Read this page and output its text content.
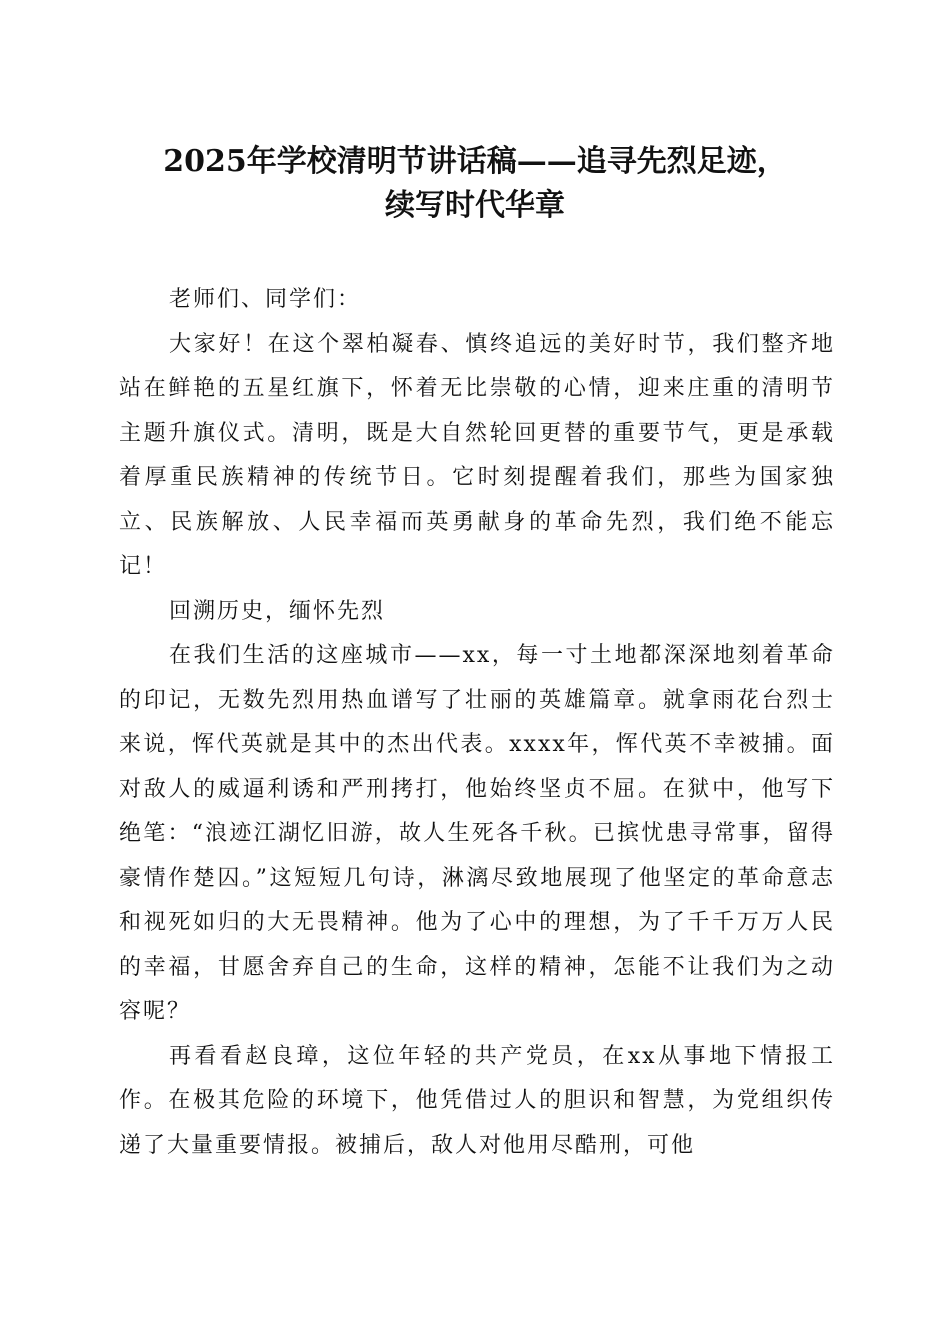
2025年学校清明节讲话稿——追寻先烈足迹，
续写时代华章

老师们、同学们：

大家好！在这个翠柏凝春、慎终追远的美好时节，我们整齐地站在鲜艳的五星红旗下，怀着无比崇敬的心情，迎来庄重的清明节主题升旗仪式。清明，既是大自然轮回更替的重要节气，更是承载着厚重民族精神的传统节日。它时刻提醒着我们，那些为国家独立、民族解放、人民幸福而英勇献身的革命先烈，我们绝不能忘记！

回溯历史，缅怀先烈

在我们生活的这座城市——xx，每一寸土地都深深地刻着革命的印记，无数先烈用热血谱写了壮丽的英雄篇章。就拿雨花台烈士来说，恽代英就是其中的杰出代表。xxxx年，恽代英不幸被捕。面对敌人的威逼利诱和严刑拷打，他始终坚贞不屈。在狱中，他写下绝笔：“浪迹江湖忆旧游，故人生死各千秋。已摈忧患寻常事，留得豪情作楚囚。”这短短几句诗，淋漓尽致地展现了他坚定的革命意志和视死如归的大无畏精神。他为了心中的理想，为了千千万万人民的幸福，甘愿舍弃自己的生命，这样的精神，怎能不让我们为之动容呢？

再看看赵良璋，这位年轻的共产党员，在xx从事地下情报工作。在极其危险的环境下，他凭借过人的胆识和智慧，为党组织传递了大量重要情报。被捕后，敌人对他用尽酷刑，可他
